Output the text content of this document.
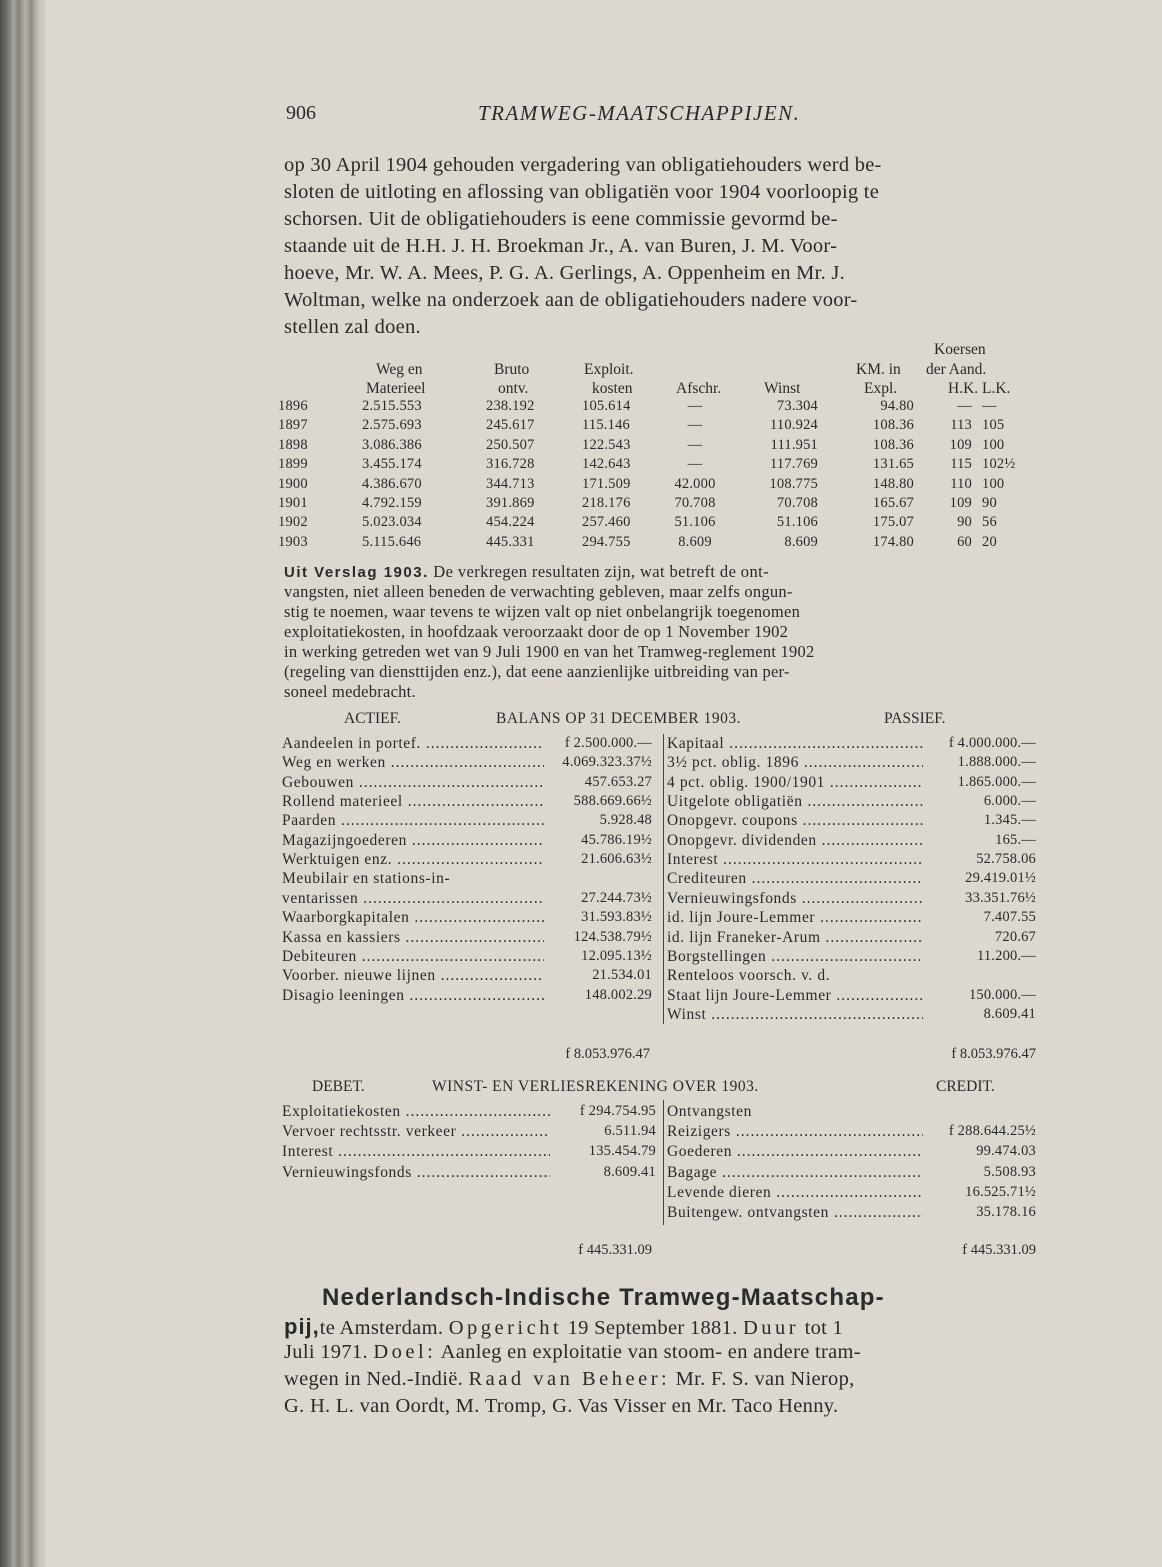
906	TRAMWEG-MAATSCHAPPIJEN.
op 30 April 1904 gehouden vergadering van obligatiehouders werd be-
sloten de uitloting en aflossing van obligatiën voor 1904 voorloopig te
schorsen. Uit de obligatiehouders is eene commissie gevormd be-
staande uit de H.H. J. H. Broekman Jr., A. van Buren, J. M. Voor-
hoeve, Mr. W. A. Mees, P. G. A. Gerlings, A. Oppenheim en Mr. J.
Woltman, welke na onderzoek aan de obligatiehouders nadere voor-
stellen zal doen.
Koersen
Weg en	Bruto	Exploit.	KM. in der Aand.
Materieel	ontv.	kosten	Afschr.	Winst	Expl.	H.K. L.K.
1896	2.515.553	238.192	105.614	—	73.304	94.80	— —
1897	2.575.693	245.617	115.146	—	110.924	108.36	113 105
1898	3.086.386	250.507	122.543	—	111.951	108.36	109 100
1899	3.455.174	316.728	142.643	—	117.769	131.65	115 102½
1900	4.386.670	344.713	171.509	42.000	108.775	148.80	110 100
1901	4.792.159	391.869	218.176	70.708	70.708	165.67	109 90
1902	5.023.034	454.224	257.460	51.106	51.106	175.07	90 56
1903	5.115.646	445.331	294.755	8.609	8.609	174.80	60 20
Uit Verslag 1903. De verkregen resultaten zijn, wat betreft de ont-
vangsten, niet alleen beneden de verwachting gebleven, maar zelfs ongun-
stig te noemen, waar tevens te wijzen valt op niet onbelangrijk toegenomen
exploitatiekosten, in hoofdzaak veroorzaakt door de op 1 November 1902
in werking getreden wet van 9 Juli 1900 en van het Tramweg-reglement 1902
(regeling van diensttijden enz.), dat eene aanzienlijke uitbreiding van per-
soneel medebracht.
ACTIEF.	BALANS OP 31 DECEMBER 1903.	PASSIEF.
Aandeelen in portef. .....	f 2.500.000.—
Weg en werken .....	4.069.323.37½
Gebouwen .....	457.653.27
Rollend materieel .....	588.669.66½
Paarden .....	5.928.48
Magazijngoederen .....	45.786.19½
Werktuigen enz. .....	21.606.63½
Meubilair en stations-in-
ventarissen .....	27.244.73½
Waarborgkapitalen .....	31.593.83½
Kassa en kassiers .....	124.538.79½
Debiteuren .....	12.095.13½
Voorber. nieuwe lijnen .....	21.534.01
Disagio leeningen .....	148.002.29
Kapitaal .....	f 4.000.000.—
3½ pct. oblig. 1896 .....	1.888.000.—
4 pct. oblig. 1900/1901 .....	1.865.000.—
Uitgelote obligatiën .....	6.000.—
Onopgevr. coupons .....	1.345.—
Onopgevr. dividenden .....	165.—
Interest .....	52.758.06
Crediteuren .....	29.419.01½
Vernieuwingsfonds .....	33.351.76½
id. lijn Joure-Lemmer .....	7.407.55
id. lijn Franeker-Arum .....	720.67
Borgstellingen .....	11.200.—
Renteloos voorsch. v. d.
Staat lijn Joure-Lemmer .....	150.000.—
Winst .....	8.609.41
f 8.053.976.47	f 8.053.976.47
DEBET.	WINST- EN VERLIESREKENING OVER 1903.	CREDIT.
Exploitatiekosten .....	f 294.754.95
Vervoer rechtsstr. verkeer .....	6.511.94
Interest .....	135.454.79
Vernieuwingsfonds .....	8.609.41
Ontvangsten
Reizigers .....	f 288.644.25½
Goederen .....	99.474.03
Bagage .....	5.508.93
Levende dieren .....	16.525.71½
Buitengew. ontvangsten .....	35.178.16
f 445.331.09	f 445.331.09
Nederlandsch-Indische Tramweg-Maatschap-
pij,te Amsterdam. Opgericht 19 September 1881. Duur tot 1
Juli 1971. Doel: Aanleg en exploitatie van stoom- en andere tram-
wegen in Ned.-Indië. Raad van Beheer: Mr. F. S. van Nierop,
G. H. L. van Oordt, M. Tromp, G. Vas Visser en Mr. Taco Henny.
